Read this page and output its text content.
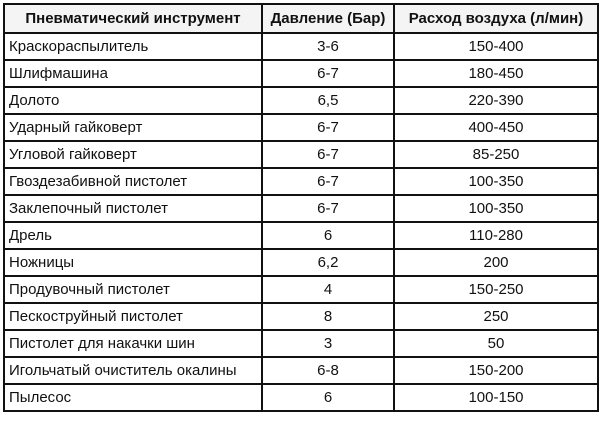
Пневматический инструмент	Давление (Бар)	Расход воздуха (л/мин)
Краскораспылитель	3-6	150-400
Шлифмашина	6-7	180-450
Долото	6,5	220-390
Ударный гайковерт	6-7	400-450
Угловой гайковерт	6-7	85-250
Гвоздезабивной пистолет	6-7	100-350
Заклепочный пистолет	6-7	100-350
Дрель	6	110-280
Ножницы	6,2	200
Продувочный пистолет	4	150-250
Пескоструйный пистолет	8	250
Пистолет для накачки шин	3	50
Игольчатый очиститель окалины	6-8	150-200
Пылесос	6	100-150
